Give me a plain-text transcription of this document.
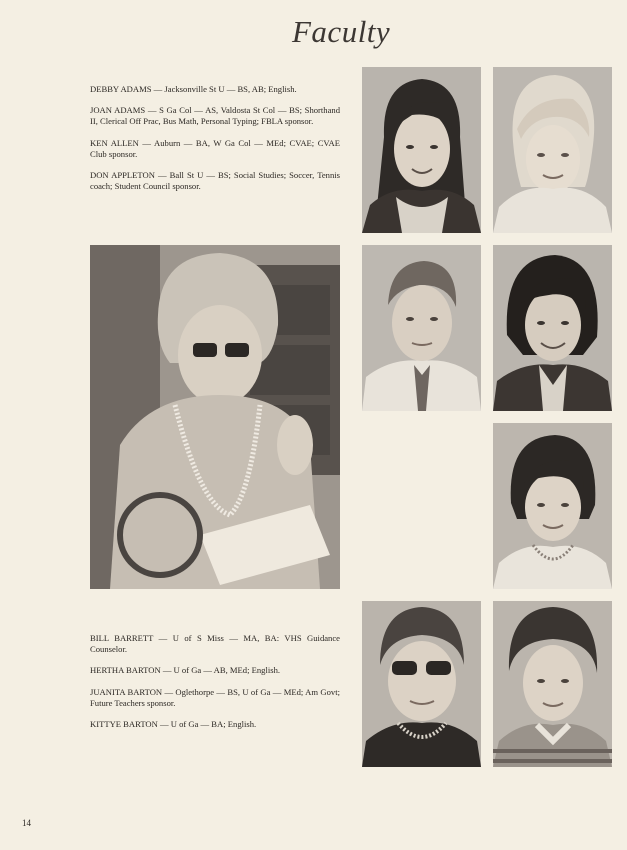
Faculty

DEBBY ADAMS — Jacksonville St U — BS, AB; English.

JOAN ADAMS — S Ga Col — AS, Valdosta St Col — BS; Shorthand II, Clerical Off Prac, Bus Math, Personal Typing; FBLA sponsor.

KEN ALLEN — Auburn — BA, W Ga Col — MEd; CVAE; CVAE Club sponsor.

DON APPLETON — Ball St U — BS; Social Studies; Soccer, Tennis coach; Student Council sponsor.

BILL BARRETT — U of S Miss — MA, BA: VHS Guidance Counselor.

HERTHA BARTON — U of Ga — AB, MEd; English.

JUANITA BARTON — Oglethorpe — BS, U of Ga — MEd; Am Govt; Future Teachers sponsor.

KITTYE BARTON — U of Ga — BA; English.

14
